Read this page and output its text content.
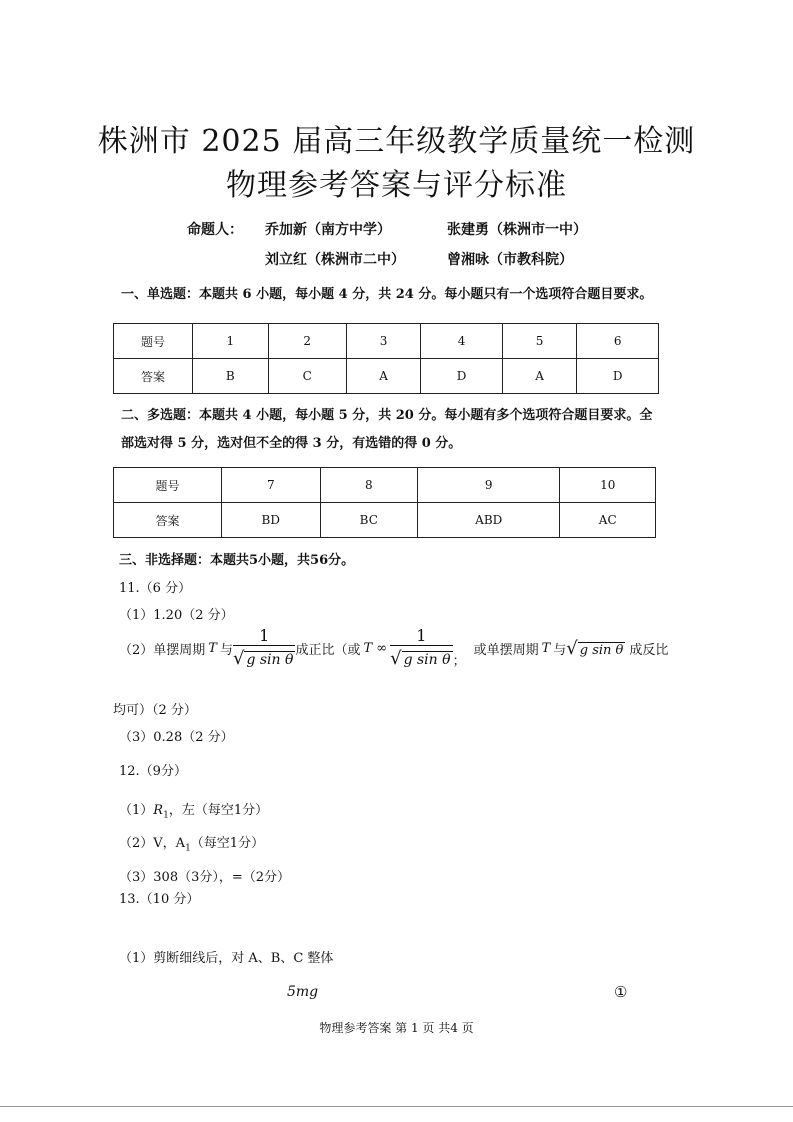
株洲市 2025 届高三年级教学质量统一检测
物理参考答案与评分标准
命题人： 乔加新（南方中学）	张建勇（株洲市一中）
刘立红（株洲市二中）	曾湘咏（市教科院）
一、单选题：本题共 6 小题，每小题 4 分，共 24 分。每小题只有一个选项符合题目要求。
题号	1	2	3	4	5	6
答案	B	C	A	D	A	D
二、多选题：本题共 4 小题，每小题 5 分，共 20 分。每小题有多个选项符合题目要求。全
部选对得 5 分，选对但不全的得 3 分，有选错的得 0 分。
题号	7	8	9	10
答案	BD	BC	ABD	AC
三、非选择题：本题共5小题，共56分。
11.（6 分）
（1）1.20（2 分）
（2）单摆周期 T 与 $\frac{1}{\text{√ g sin θ}}$ 成正比（或 T ∞ $\frac{1}{\text{√ g sin θ}}$ ；
或单摆周期 T 与 √ g sin θ 成反比
均可）（2 分）
（3）0.28（2 分）
12.（9分）
$(1)R_1$，左（每空1分）
（2）V，$A_1$（每空1分）
（3）308（3分），=（2分）
13.（10 分）
（1）剪断细线后，对 A、B、C 整体
5mg	①
物理参考答案 第 1 页 共4 页
